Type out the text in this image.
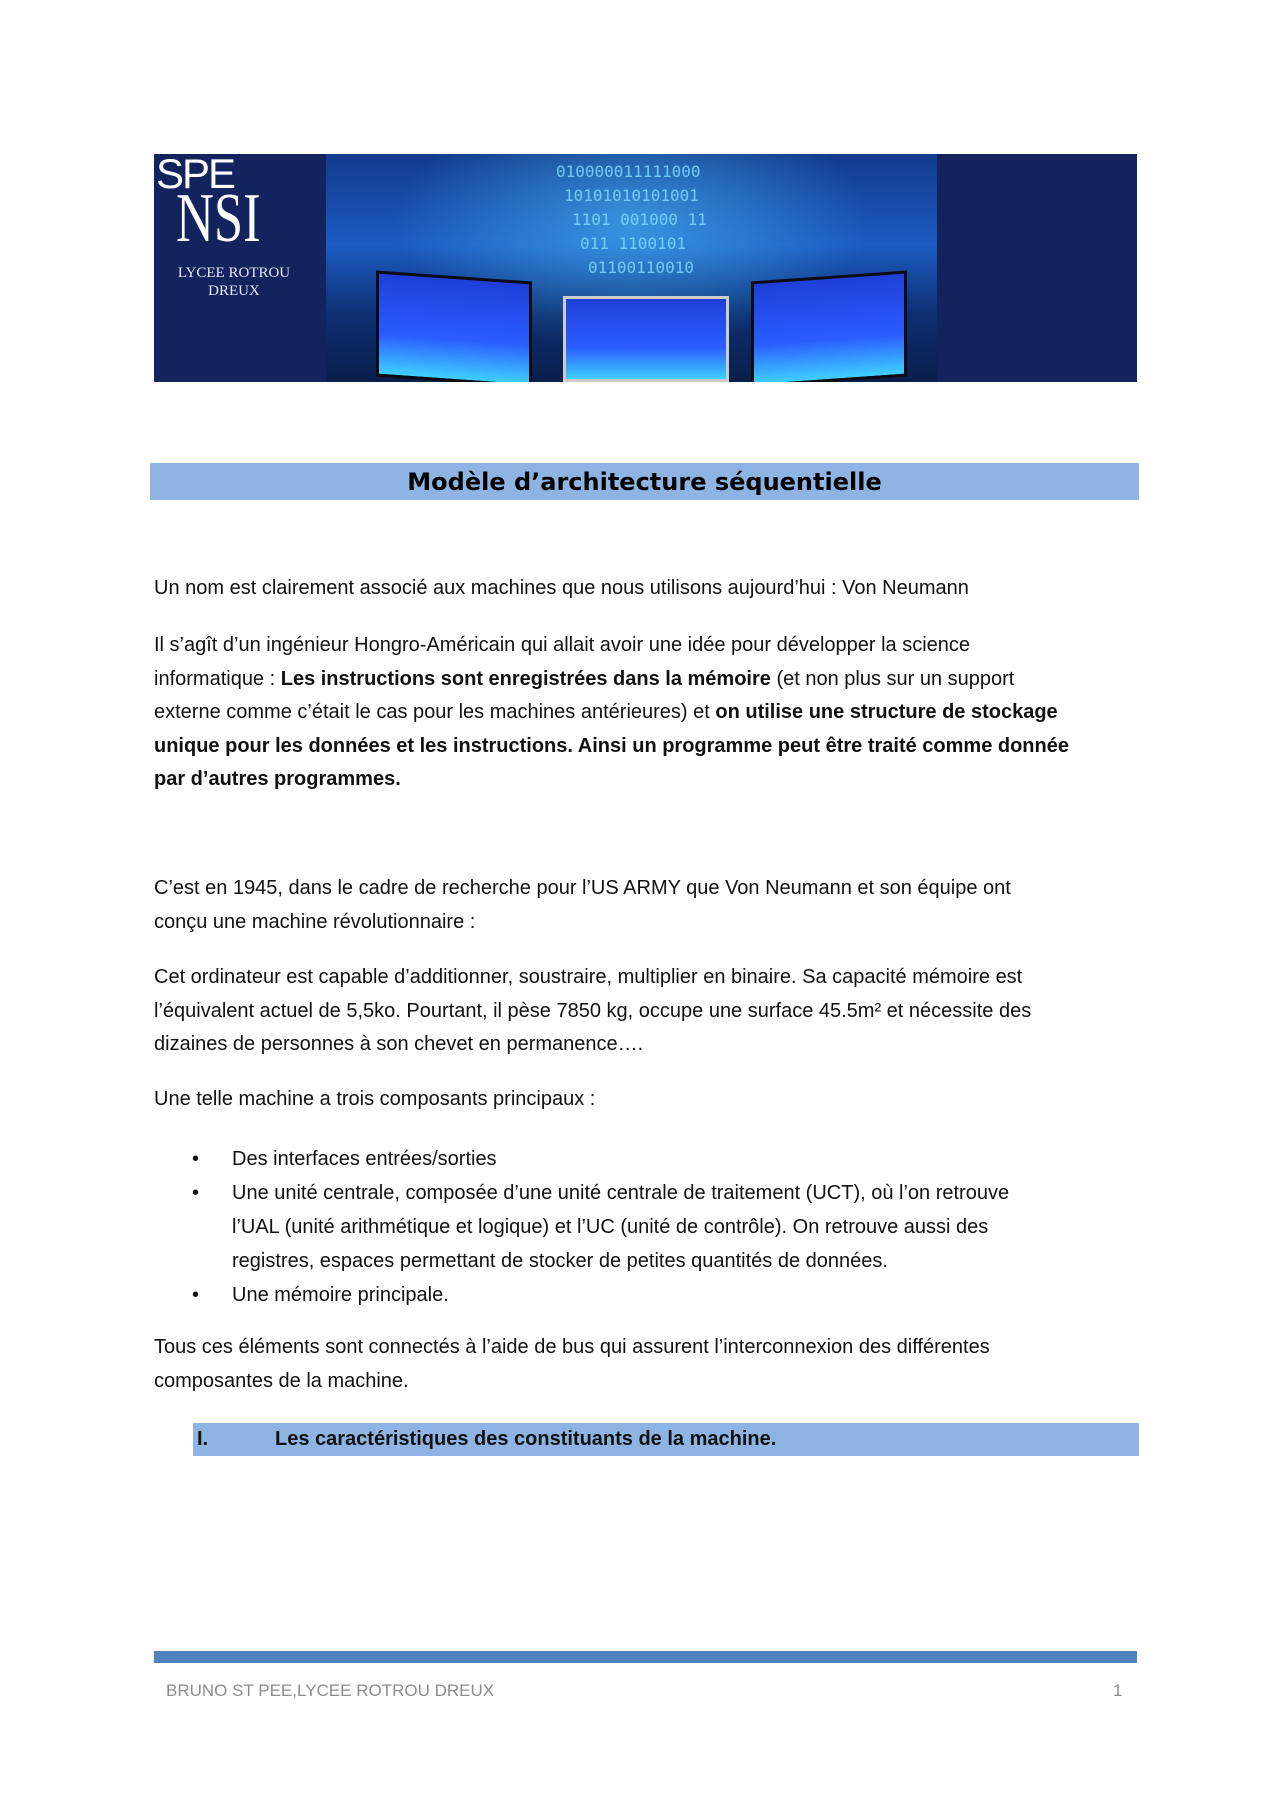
SPE
NSI
LYCEE ROTROU
DREUX
010000011111000
10101010101001
1101 001000 11
011 1100101
01100110010
Modèle d’architecture séquentielle
Un nom est clairement associé aux machines que nous utilisons aujourd’hui : Von Neumann
Il s’agît d’un ingénieur Hongro-Américain qui allait avoir une idée pour développer la science
informatique : Les instructions sont enregistrées dans la mémoire (et non plus sur un support
externe comme c’était le cas pour les machines antérieures) et on utilise une structure de stockage
unique pour les données et les instructions. Ainsi un programme peut être traité comme donnée
par d’autres programmes.
C’est en 1945, dans le cadre de recherche pour l’US ARMY que Von Neumann et son équipe ont
conçu une machine révolutionnaire :
Cet ordinateur est capable d’additionner, soustraire, multiplier en binaire. Sa capacité mémoire est
l’équivalent actuel de 5,5ko. Pourtant, il pèse 7850 kg, occupe une surface 45.5m² et nécessite des
dizaines de personnes à son chevet en permanence….
Une telle machine a trois composants principaux :
• Des interfaces entrées/sorties
• Une unité centrale, composée d’une unité centrale de traitement (UCT), où l’on retrouve
l’UAL (unité arithmétique et logique) et l’UC (unité de contrôle). On retrouve aussi des
registres, espaces permettant de stocker de petites quantités de données.
• Une mémoire principale.
Tous ces éléments sont connectés à l’aide de bus qui assurent l’interconnexion des différentes
composantes de la machine.
I.	Les caractéristiques des constituants de la machine.
BRUNO ST PEE,LYCEE ROTROU DREUX	1
